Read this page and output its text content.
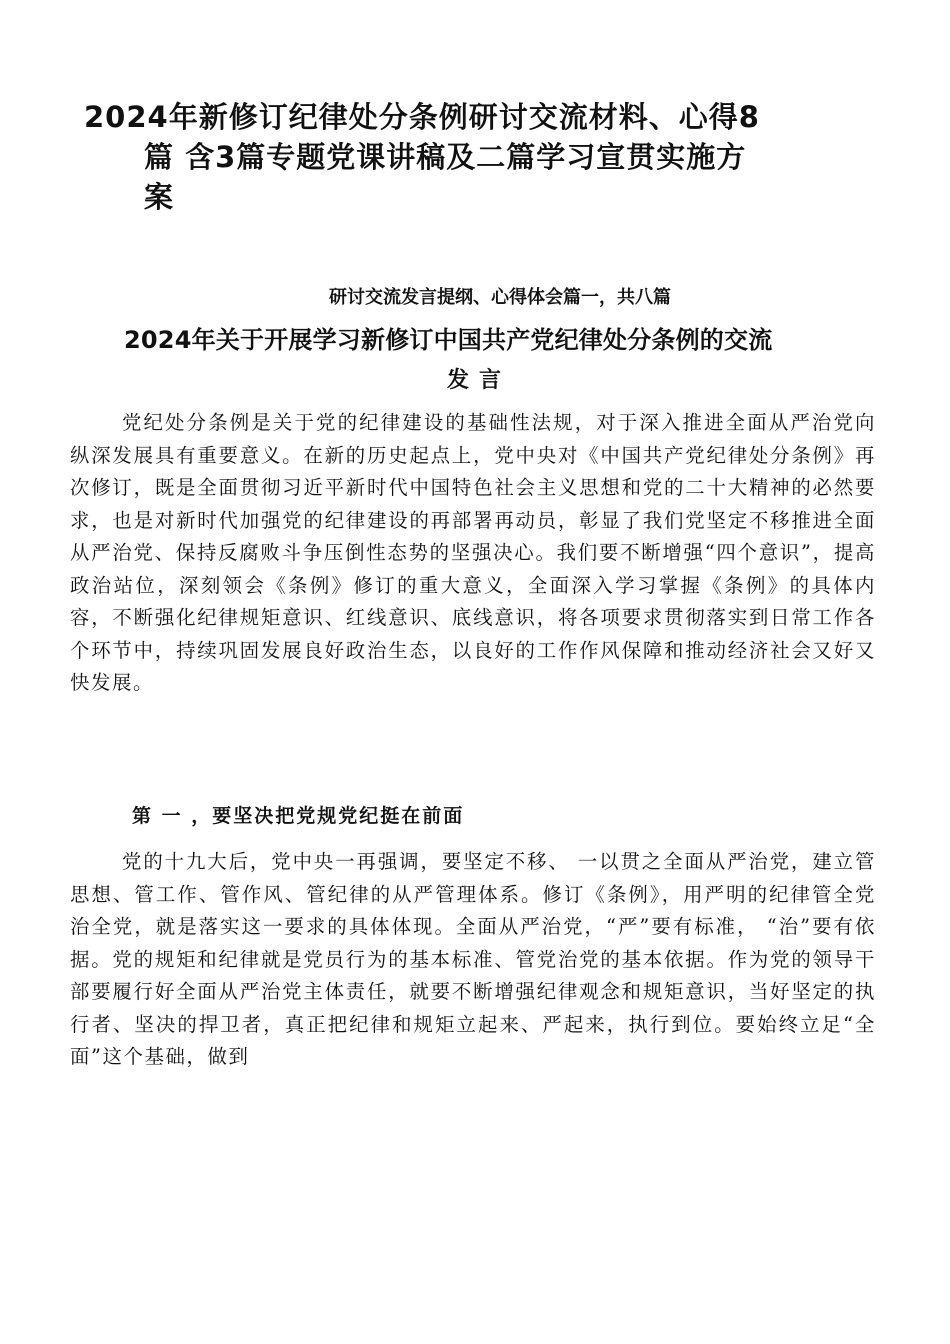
2024年新修订纪律处分条例研讨交流材料、心得8
篇 含3篇专题党课讲稿及二篇学习宣贯实施方
案
研讨交流发言提纲、心得体会篇一，共八篇
2024年关于开展学习新修订中国共产党纪律处分条例的交流
发言

党纪处分条例是关于党的纪律建设的基础性法规，对于深入推进全面从严治党向纵深发展具有重要意义。在新的历史起点上，党中央对《中国共产党纪律处分条例》再次修订，既是全面贯彻习近平新时代中国特色社会主义思想和党的二十大精神的必然要求，也是对新时代加强党的纪律建设的再部署再动员，彰显了我们党坚定不移推进全面从严治党、保持反腐败斗争压倒性态势的坚强决心。我们要不断增强“四个意识”，提高政治站位，深刻领会《条例》修订的重大意义，全面深入学习掌握《条例》的具体内容，不断强化纪律规矩意识、红线意识、底线意识，将各项要求贯彻落实到日常工作各个环节中，持续巩固发展良好政治生态，以良好的工作作风保障和推动经济社会又好又快发展。

第 一 ，要坚决把党规党纪挺在前面

党的十九大后，党中央一再强调，要坚定不移、 一以贯之全面从严治党，建立管思想、管工作、管作风、管纪律的从严管理体系。修订《条例》，用严明的纪律管全党治全党，就是落实这一要求的具体体现。全面从严治党，“严”要有标准， “治”要有依据。党的规矩和纪律就是党员行为的基本标准、管党治党的基本依据。作为党的领导干部要履行好全面从严治党主体责任，就要不断增强纪律观念和规矩意识，当好坚定的执行者、坚决的捍卫者，真正把纪律和规矩立起来、严起来，执行到位。要始终立足“全面”这个基础，做到
